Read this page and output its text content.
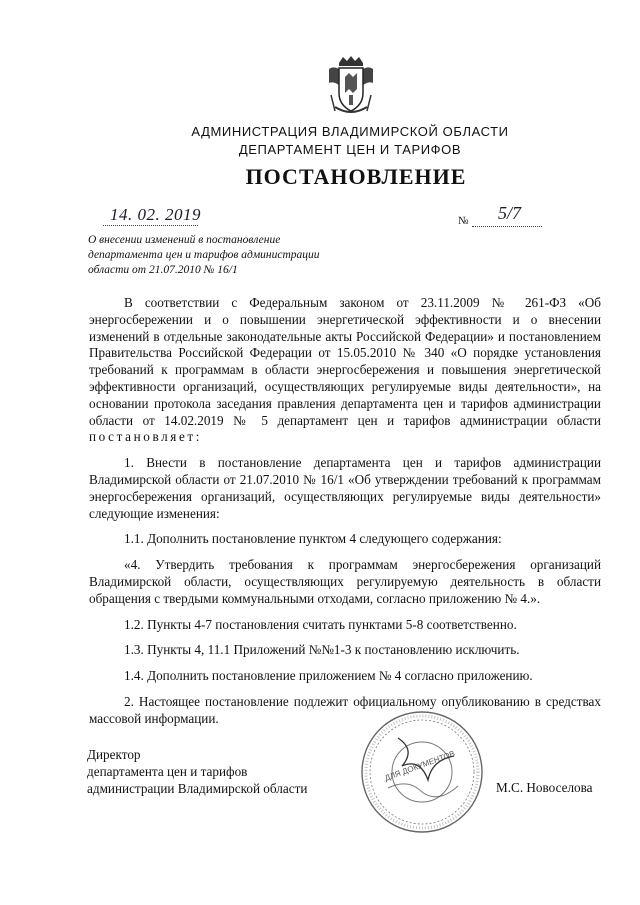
АДМИНИСТРАЦИЯ ВЛАДИМИРСКОЙ ОБЛАСТИ
ДЕПАРТАМЕНТ ЦЕН И ТАРИФОВ
ПОСТАНОВЛЕНИЕ
14. 02. 2019	№ 5/7
О внесении изменений в постановление
департамента цен и тарифов администрации
области от 21.07.2010 № 16/1

В соответствии с Федеральным законом от 23.11.2009 № 261-ФЗ «Об энергосбережении и о повышении энергетической эффективности и о внесении изменений в отдельные законодательные акты Российской Федерации» и постановлением Правительства Российской Федерации от 15.05.2010 № 340 «О порядке установления требований к программам в области энергосбережения и повышения энергетической эффективности организаций, осуществляющих регулируемые виды деятельности», на основании протокола заседания правления департамента цен и тарифов администрации области от 14.02.2019 № 5 департамент цен и тарифов администрации области постановляет:

1. Внести в постановление департамента цен и тарифов администрации Владимирской области от 21.07.2010 № 16/1 «Об утверждении требований к программам энергосбережения организаций, осуществляющих регулируемые виды деятельности» следующие изменения:

1.1. Дополнить постановление пунктом 4 следующего содержания:

«4. Утвердить требования к программам энергосбережения организаций Владимирской области, осуществляющих регулируемую деятельность в области обращения с твердыми коммунальными отходами, согласно приложению № 4.».

1.2. Пункты 4-7 постановления считать пунктами 5-8 соответственно.

1.3. Пункты 4, 11.1 Приложений №№1-3 к постановлению исключить.

1.4. Дополнить постановление приложением № 4 согласно приложению.

2. Настоящее постановление подлежит официальному опубликованию в средствах массовой информации.

Директор
департамента цен и тарифов
администрации Владимирской области
ДЛЯ ДОКУМЕНТОВ
М.С. Новоселова
